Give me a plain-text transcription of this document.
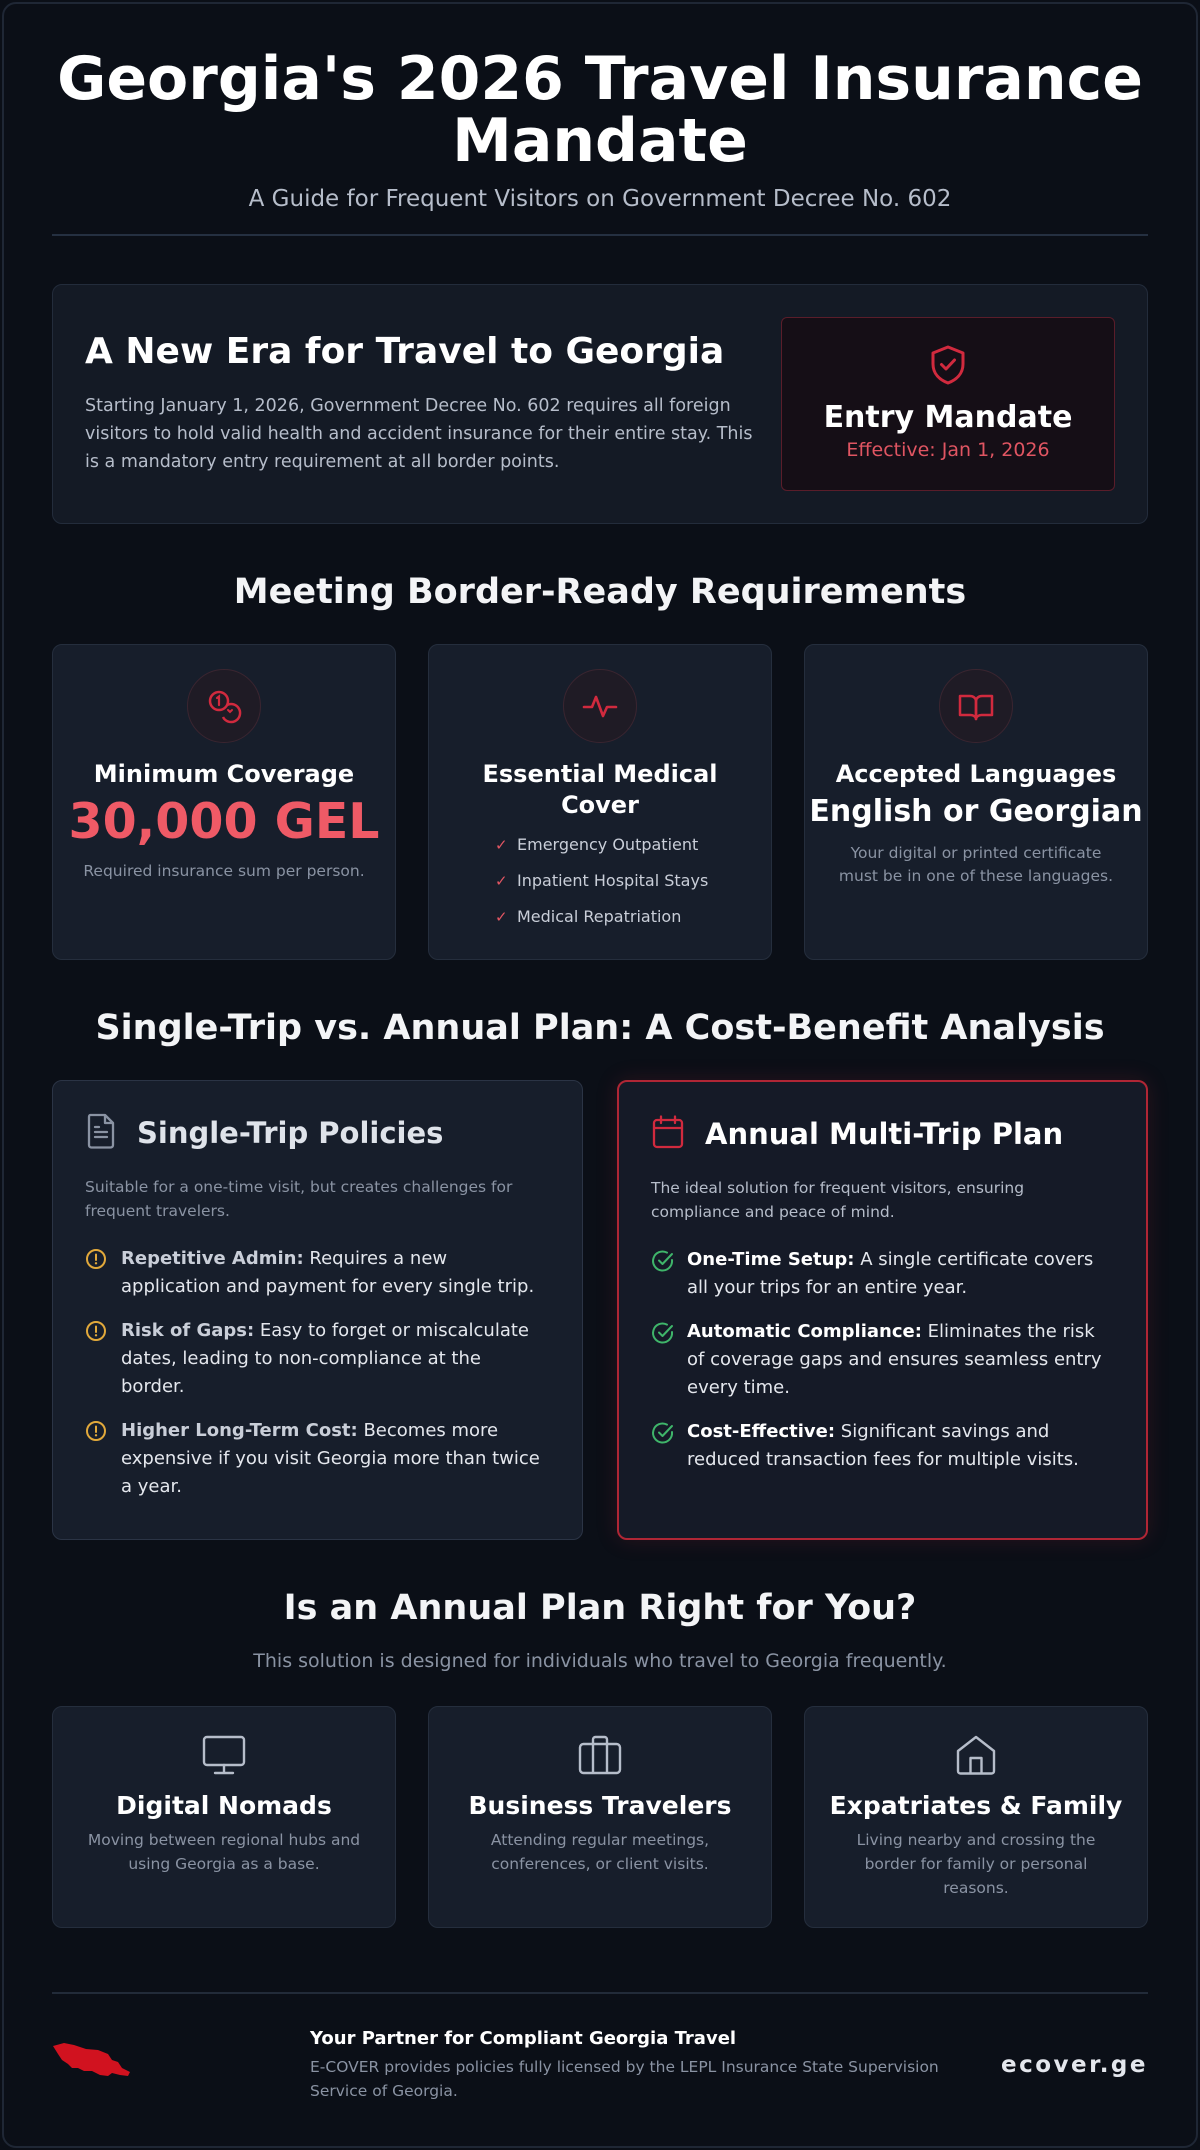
Georgia's 2026 Travel Insurance Mandate
A Guide for Frequent Visitors on Government Decree No. 602
A New Era for Travel to Georgia

Starting January 1, 2026, Government Decree No. 602 requires all foreign visitors to hold valid health and accident insurance for their entire stay. This is a mandatory entry requirement at all border points.

Entry Mandate
Effective: Jan 1, 2026
Meeting Border-Ready Requirements
Minimum Coverage
30,000 GEL
Required insurance sum per person.
Essential Medical Cover
✓ Emergency Outpatient
✓ Inpatient Hospital Stays
✓ Medical Repatriation
Accepted Languages
English or Georgian
Your digital or printed certificate must be in one of these languages.
Single-Trip vs. Annual Plan: A Cost-Benefit Analysis
Single-Trip Policies

Suitable for a one-time visit, but creates challenges for frequent travelers.

Repetitive Admin: Requires a new application and payment for every single trip.
Risk of Gaps: Easy to forget or miscalculate dates, leading to non-compliance at the border.
Higher Long-Term Cost: Becomes more expensive if you visit Georgia more than twice a year.
Annual Multi-Trip Plan

The ideal solution for frequent visitors, ensuring compliance and peace of mind.

One-Time Setup: A single certificate covers all your trips for an entire year.
Automatic Compliance: Eliminates the risk of coverage gaps and ensures seamless entry every time.
Cost-Effective: Significant savings and reduced transaction fees for multiple visits.
Is an Annual Plan Right for You?
This solution is designed for individuals who travel to Georgia frequently.
Digital Nomads
Moving between regional hubs and using Georgia as a base.
Business Travelers
Attending regular meetings, conferences, or client visits.
Expatriates & Family
Living nearby and crossing the border for family or personal reasons.
Your Partner for Compliant Georgia Travel
E-COVER provides policies fully licensed by the LEPL Insurance State Supervision Service of Georgia.
ecover.ge
